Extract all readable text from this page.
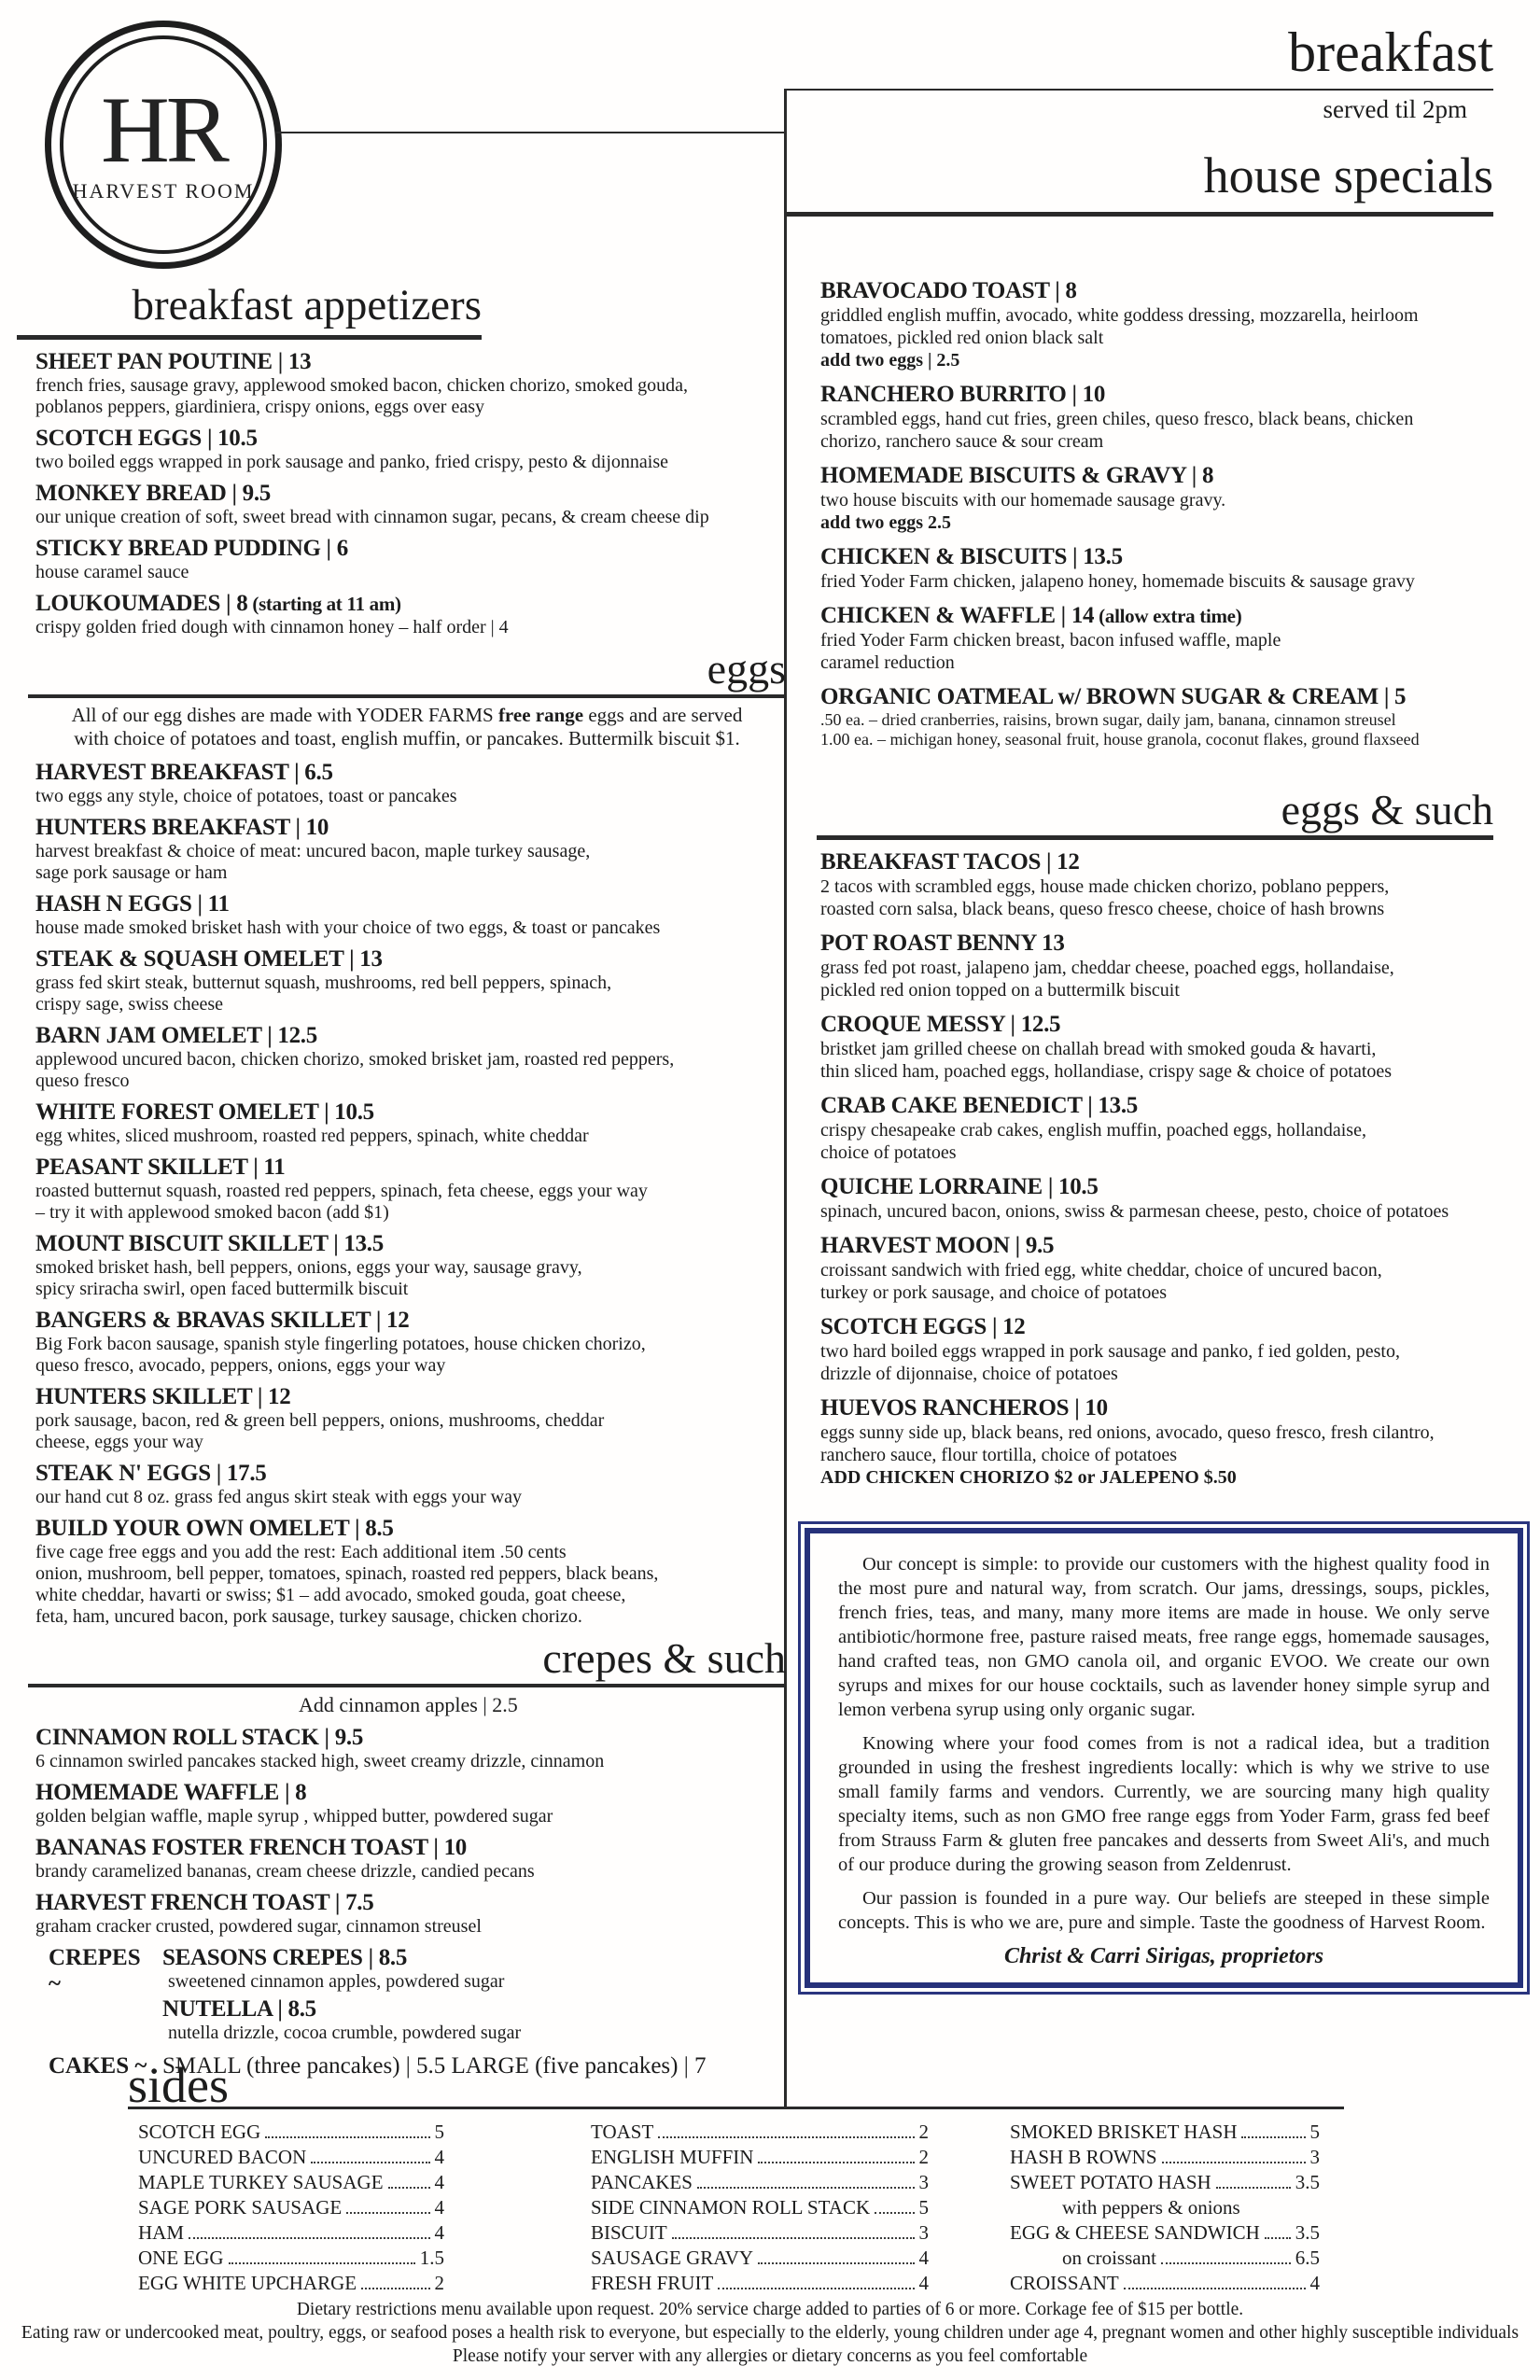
HR
HARVEST ROOM
breakfast
served til 2pm
house specials
breakfast appetizers
SHEET PAN POUTINE | 13
french fries, sausage gravy, applewood smoked bacon, chicken chorizo, smoked gouda,
poblanos peppers, giardiniera, crispy onions, eggs over easy
SCOTCH EGGS | 10.5
two boiled eggs wrapped in pork sausage and panko, fried crispy, pesto & dijonnaise
MONKEY BREAD | 9.5
our unique creation of soft, sweet bread with cinnamon sugar, pecans, & cream cheese dip
STICKY BREAD PUDDING | 6
house caramel sauce
LOUKOUMADES | 8 (starting at 11 am)
crispy golden fried dough with cinnamon honey – half order | 4
eggs
All of our egg dishes are made with YODER FARMS free range eggs and are served
with choice of potatoes and toast, english muffin, or pancakes. Buttermilk biscuit $1.
HARVEST BREAKFAST | 6.5
two eggs any style, choice of potatoes, toast or pancakes
HUNTERS BREAKFAST | 10
harvest breakfast & choice of meat: uncured bacon, maple turkey sausage,
sage pork sausage or ham
HASH N EGGS | 11
house made smoked brisket hash with your choice of two eggs, & toast or pancakes
STEAK & SQUASH OMELET | 13
grass fed skirt steak, butternut squash, mushrooms, red bell peppers, spinach,
crispy sage, swiss cheese
BARN JAM OMELET | 12.5
applewood uncured bacon, chicken chorizo, smoked brisket jam, roasted red peppers,
queso fresco
WHITE FOREST OMELET | 10.5
egg whites, sliced mushroom, roasted red peppers, spinach, white cheddar
PEASANT SKILLET | 11
roasted butternut squash, roasted red peppers, spinach, feta cheese, eggs your way
– try it with applewood smoked bacon (add $1)
MOUNT BISCUIT SKILLET | 13.5
smoked brisket hash, bell peppers, onions, eggs your way, sausage gravy,
spicy sriracha swirl, open faced buttermilk biscuit
BANGERS & BRAVAS SKILLET | 12
Big Fork bacon sausage, spanish style fingerling potatoes, house chicken chorizo,
queso fresco, avocado, peppers, onions, eggs your way
HUNTERS SKILLET | 12
pork sausage, bacon, red & green bell peppers, onions, mushrooms, cheddar
cheese, eggs your way
STEAK N' EGGS | 17.5
our hand cut 8 oz. grass fed angus skirt steak with eggs your way
BUILD YOUR OWN OMELET | 8.5
five cage free eggs and you add the rest: Each additional item .50 cents
onion, mushroom, bell pepper, tomatoes, spinach, roasted red peppers, black beans,
white cheddar, havarti or swiss; $1 – add avocado, smoked gouda, goat cheese,
feta, ham, uncured bacon, pork sausage, turkey sausage, chicken chorizo.
crepes & such
Add cinnamon apples | 2.5
CINNAMON ROLL STACK | 9.5
6 cinnamon swirled pancakes stacked high, sweet creamy drizzle, cinnamon
HOMEMADE WAFFLE | 8
golden belgian waffle, maple syrup , whipped butter, powdered sugar
BANANAS FOSTER FRENCH TOAST | 10
brandy caramelized bananas, cream cheese drizzle, candied pecans
HARVEST FRENCH TOAST | 7.5
graham cracker crusted, powdered sugar, cinnamon streusel
CREPES ~
SEASONS CREPES | 8.5
sweetened cinnamon apples, powdered sugar
NUTELLA | 8.5
nutella drizzle, cocoa crumble, powdered sugar
CAKES ~ SMALL (three pancakes) | 5.5 LARGE (five pancakes) | 7
BRAVOCADO TOAST | 8
griddled english muffin, avocado, white goddess dressing, mozzarella, heirloom
tomatoes, pickled red onion black salt
add two eggs | 2.5
RANCHERO BURRITO | 10
scrambled eggs, hand cut fries, green chiles, queso fresco, black beans, chicken
chorizo, ranchero sauce & sour cream
HOMEMADE BISCUITS & GRAVY | 8
two house biscuits with our homemade sausage gravy.
add two eggs 2.5
CHICKEN & BISCUITS | 13.5
fried Yoder Farm chicken, jalapeno honey, homemade biscuits & sausage gravy
CHICKEN & WAFFLE | 14 (allow extra time)
fried Yoder Farm chicken breast, bacon infused waffle, maple
caramel reduction
ORGANIC OATMEAL w/ BROWN SUGAR & CREAM | 5
.50 ea. – dried cranberries, raisins, brown sugar, daily jam, banana, cinnamon streusel
1.00 ea. – michigan honey, seasonal fruit, house granola, coconut flakes, ground flaxseed
eggs & such
BREAKFAST TACOS | 12
2 tacos with scrambled eggs, house made chicken chorizo, poblano peppers,
roasted corn salsa, black beans, queso fresco cheese, choice of hash browns
POT ROAST BENNY 13
grass fed pot roast, jalapeno jam, cheddar cheese, poached eggs, hollandaise,
pickled red onion topped on a buttermilk biscuit
CROQUE MESSY | 12.5
bristket jam grilled cheese on challah bread with smoked gouda & havarti,
thin sliced ham, poached eggs, hollandiase, crispy sage & choice of potatoes
CRAB CAKE BENEDICT | 13.5
crispy chesapeake crab cakes, english muffin, poached eggs, hollandaise,
choice of potatoes
QUICHE LORRAINE | 10.5
spinach, uncured bacon, onions, swiss & parmesan cheese, pesto, choice of potatoes
HARVEST MOON | 9.5
croissant sandwich with fried egg, white cheddar, choice of uncured bacon,
turkey or pork sausage, and choice of potatoes
SCOTCH EGGS | 12
two hard boiled eggs wrapped in pork sausage and panko, f ied golden, pesto,
drizzle of dijonnaise, choice of potatoes
HUEVOS RANCHEROS | 10
eggs sunny side up, black beans, red onions, avocado, queso fresco, fresh cilantro,
ranchero sauce, flour tortilla, choice of potatoes
ADD CHICKEN CHORIZO $2 or JALEPENO $.50

Our concept is simple: to provide our customers with the highest quality food in the most pure and natural way, from scratch. Our jams, dressings, soups, pickles, french fries, teas, and many, many more items are made in house. We only serve antibiotic/hormone free, pasture raised meats, free range eggs, homemade sausages, hand crafted teas, non GMO canola oil, and organic EVOO. We create our own syrups and mixes for our house cocktails, such as lavender honey simple syrup and lemon verbena syrup using only organic sugar.

Knowing where your food comes from is not a radical idea, but a tradition grounded in using the freshest ingredients locally: which is why we strive to use small family farms and vendors. Currently, we are sourcing many high quality specialty items, such as non GMO free range eggs from Yoder Farm, grass fed beef from Strauss Farm & gluten free pancakes and desserts from Sweet Ali's, and much of our produce during the growing season from Zeldenrust.

Our passion is founded in a pure way. Our beliefs are steeped in these simple concepts. This is who we are, pure and simple. Taste the goodness of Harvest Room.

Christ & Carri Sirigas, proprietors
sides
SCOTCH EGG	5
UNCURED BACON	4
MAPLE TURKEY SAUSAGE	4
SAGE PORK SAUSAGE	4
HAM	4
ONE EGG	1.5
EGG WHITE UPCHARGE	2
TOAST	2
ENGLISH MUFFIN	2
PANCAKES	3
SIDE CINNAMON ROLL STACK 5
BISCUIT	3
SAUSAGE GRAVY	4
FRESH FRUIT	4
SMOKED BRISKET HASH	5
HASH B ROWNS	3
SWEET POTATO HASH	3.5
with peppers & onions
EGG & CHEESE SANDWICH 3.5
on croissant	6.5
CROISSANT	4
Dietary restrictions menu available upon request. 20% service charge added to parties of 6 or more. Corkage fee of $15 per bottle.
Eating raw or undercooked meat, poultry, eggs, or seafood poses a health risk to everyone, but especially to the elderly, young children under age 4, pregnant women and other highly susceptible individuals
Please notify your server with any allergies or dietary concerns as you feel comfortable
